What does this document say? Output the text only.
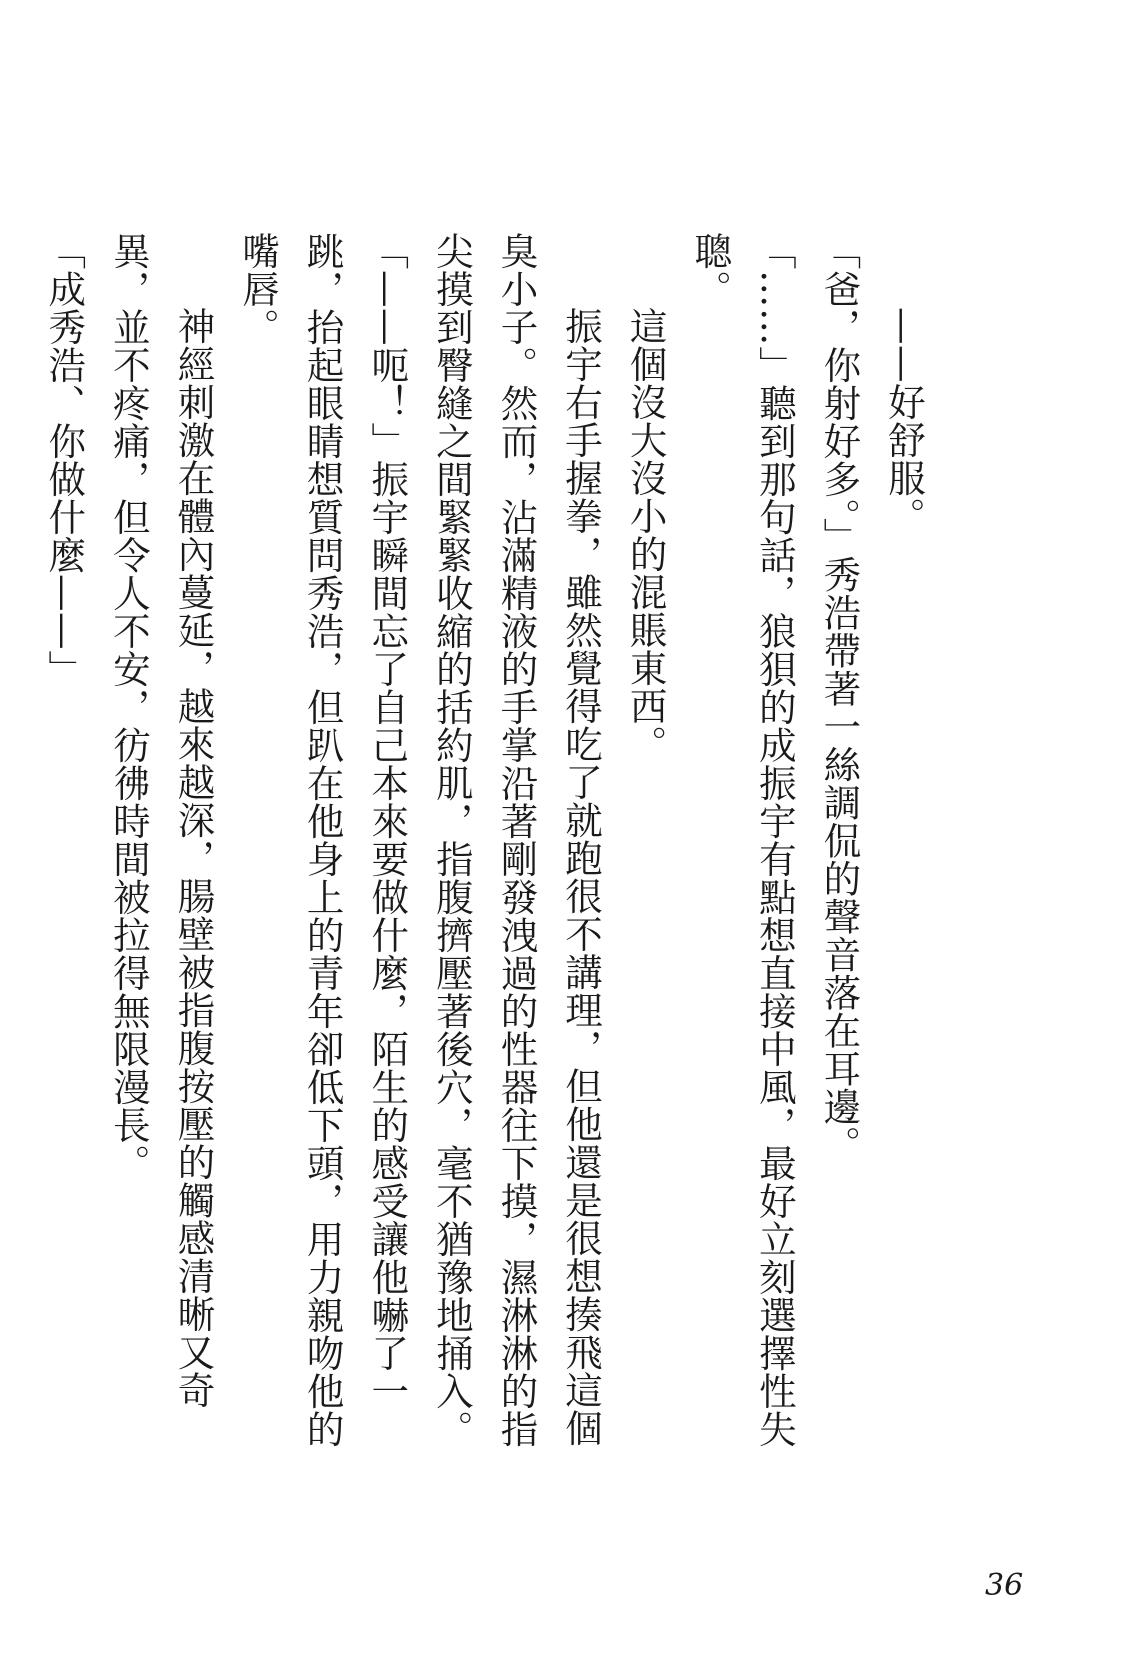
——好舒服。

「爸，你射好多。」秀浩帶著一絲調侃的聲音落在耳邊。

「……」聽到那句話，狼狽的成振宇有點想直接中風，最好立刻選擇性失聰。

這個沒大沒小的混賬東西。

振宇右手握拳，雖然覺得吃了就跑很不講理，但他還是很想揍飛這個臭小子。然而，沾滿精液的手掌沿著剛發洩過的性器往下摸，濕淋淋的指尖摸到臀縫之間緊緊收縮的括約肌，指腹擠壓著後穴，毫不猶豫地捅入。

「——呃！」振宇瞬間忘了自己本來要做什麼，陌生的感受讓他嚇了一跳，抬起眼睛想質問秀浩，但趴在他身上的青年卻低下頭，用力親吻他的嘴唇。

神經刺激在體內蔓延，越來越深，腸壁被指腹按壓的觸感清晰又奇異，並不疼痛，但令人不安，彷彿時間被拉得無限漫長。

「成秀浩、你做什麼——」

36
